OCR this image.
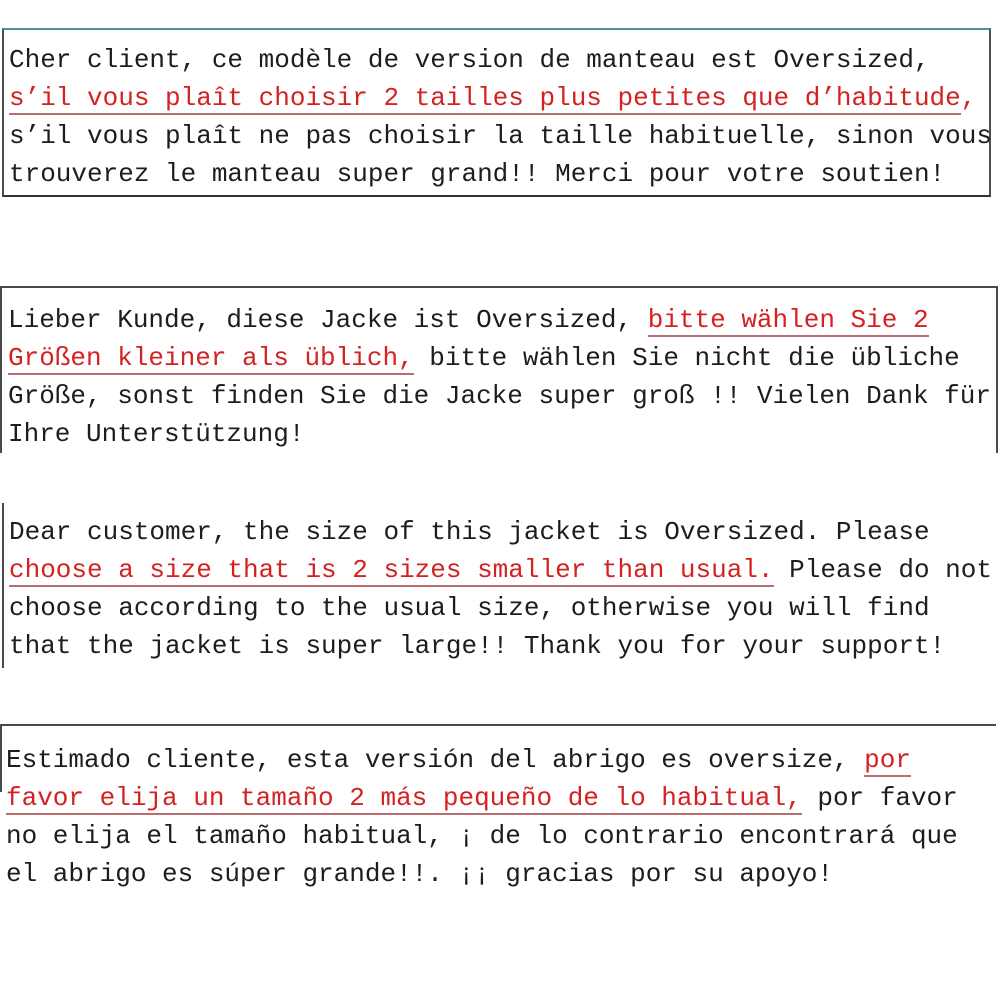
Cher client, ce modèle de version de manteau est Oversized,
s’il vous plaît choisir 2 tailles plus petites que d’habitude,
s’il vous plaît ne pas choisir la taille habituelle, sinon vous
trouverez le manteau super grand!! Merci pour votre soutien!
Lieber Kunde, diese Jacke ist Oversized, bitte wählen Sie 2
Größen kleiner als üblich, bitte wählen Sie nicht die übliche
Größe, sonst finden Sie die Jacke super groß !! Vielen Dank für
Ihre Unterstützung!
Dear customer, the size of this jacket is Oversized. Please
choose a size that is 2 sizes smaller than usual. Please do not
choose according to the usual size, otherwise you will find
that the jacket is super large!! Thank you for your support!
Estimado cliente, esta versión del abrigo es oversize, por
favor elija un tamaño 2 más pequeño de lo habitual, por favor
no elija el tamaño habitual, ¡ de lo contrario encontrará que
el abrigo es súper grande!!. ¡¡ gracias por su apoyo!
